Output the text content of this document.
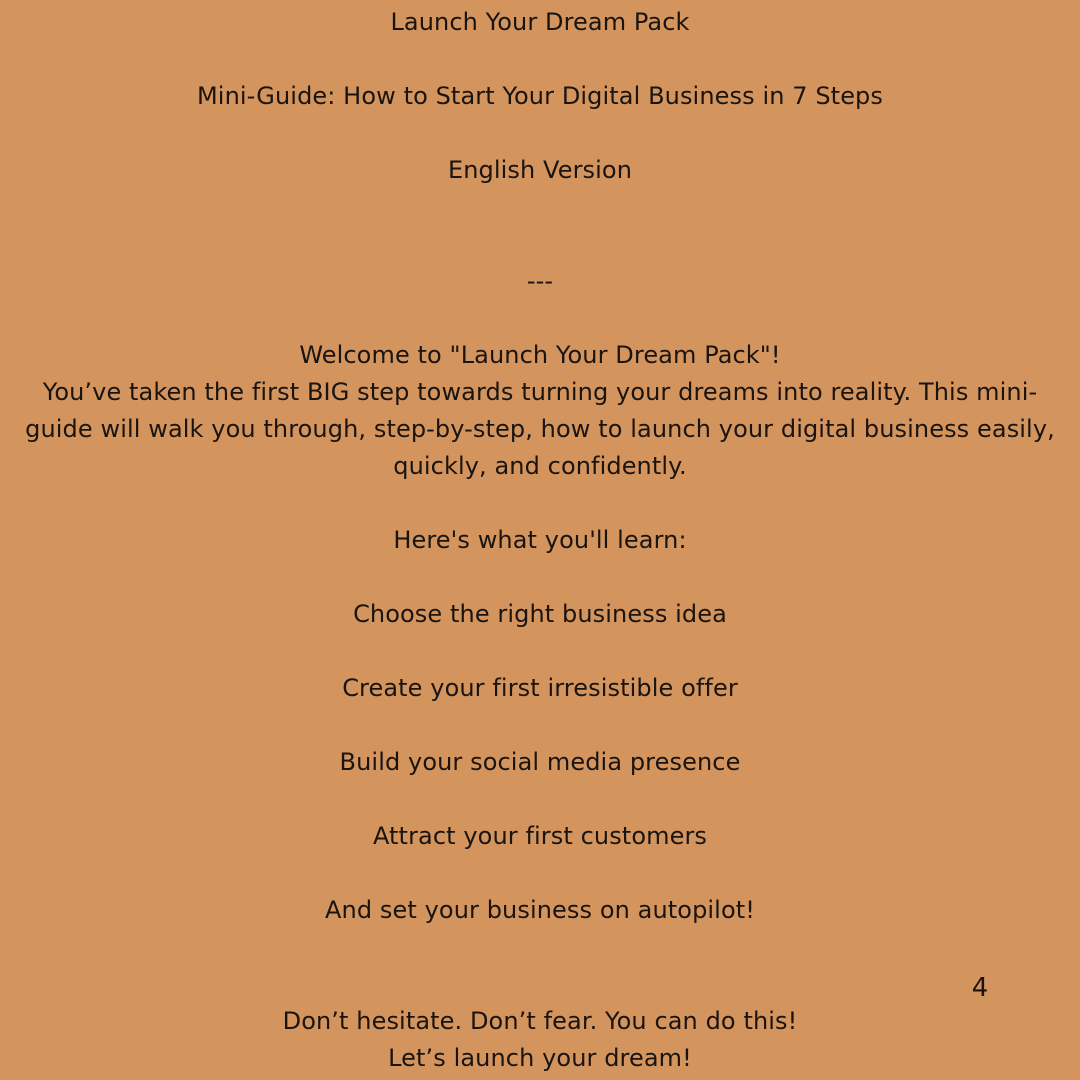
Launch Your Dream Pack
Mini-Guide: How to Start Your Digital Business in 7 Steps
English Version
---
Welcome to "Launch Your Dream Pack"!
You’ve taken the first BIG step towards turning your dreams into reality. This mini-guide will walk you through, step-by-step, how to launch your digital business easily, quickly, and confidently.
Here's what you'll learn:
Choose the right business idea
Create your first irresistible offer
Build your social media presence
Attract your first customers
And set your business on autopilot!
4
Don’t hesitate. Don’t fear. You can do this!
Let’s launch your dream!
